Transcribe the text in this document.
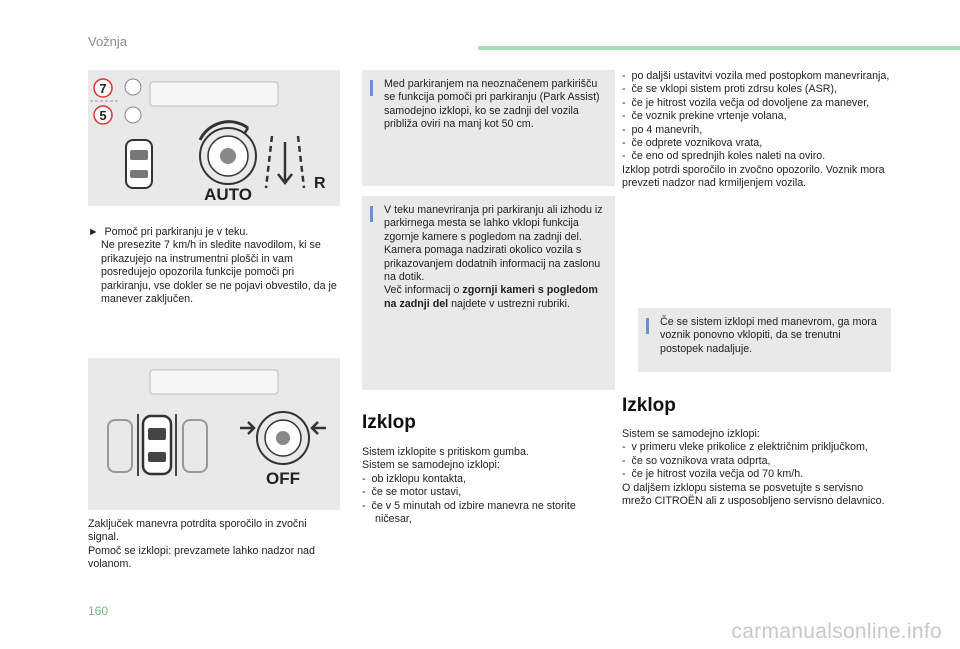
Vožnja
7
5
AUTO
R

► Pomoč pri parkiranju je v teku.

Ne presezite 7 km/h in sledite navodilom, ki se prikazujejo na instrumentni plošči in vam posredujejo opozorila funkcije pomoči pri parkiranju, vse dokler se ne pojavi obvestilo, da je manever zaključen.

OFF

Zaključek manevra potrdita sporočilo in zvočni signal.

Pomoč se izklopi: prevzamete lahko nadzor nad volanom.

Med parkiranjem na neoznačenem parkirišču se funkcija pomoči pri parkiranju (Park Assist) samodejno izklopi, ko se zadnji del vozila približa oviri na manj kot 50 cm.

V teku manevriranja pri parkiranju ali izhodu iz parkirnega mesta se lahko vklopi funkcija zgornje kamere s pogledom na zadnji del. Kamera pomaga nadzirati okolico vozila s prikazovanjem dodatnih informacij na zaslonu na dotik.

Več informacij o zgornji kameri s pogledom na zadnji del najdete v ustrezni rubriki.

Izklop

Sistem izklopite s pritiskom gumba.

Sistem se samodejno izklopi:

-  ob izklopu kontakta,

-  če se motor ustavi,

-  če v 5 minutah od izbire manevra ne storite ničesar,

-  po daljši ustavitvi vozila med postopkom manevriranja,

-  če se vklopi sistem proti zdrsu koles (ASR),

-  če je hitrost vozila večja od dovoljene za manever,

-  če voznik prekine vrtenje volana,

-  po 4 manevrih,

-  če odprete voznikova vrata,

-  če eno od sprednjih koles naleti na oviro.

Izklop potrdi sporočilo in zvočno opozorilo. Voznik mora prevzeti nadzor nad krmiljenjem vozila.

Če se sistem izklopi med manevrom, ga mora voznik ponovno vklopiti, da se trenutni postopek nadaljuje.
Izklop

Sistem se samodejno izklopi:

-  v primeru vleke prikolice z električnim priključkom,

-  če so voznikova vrata odprta,

-  če je hitrost vozila večja od 70 km/h.

O daljšem izklopu sistema se posvetujte s servisno mrežo CITROËN ali z usposobljeno servisno delavnico.

160
carmanualsonline.info
